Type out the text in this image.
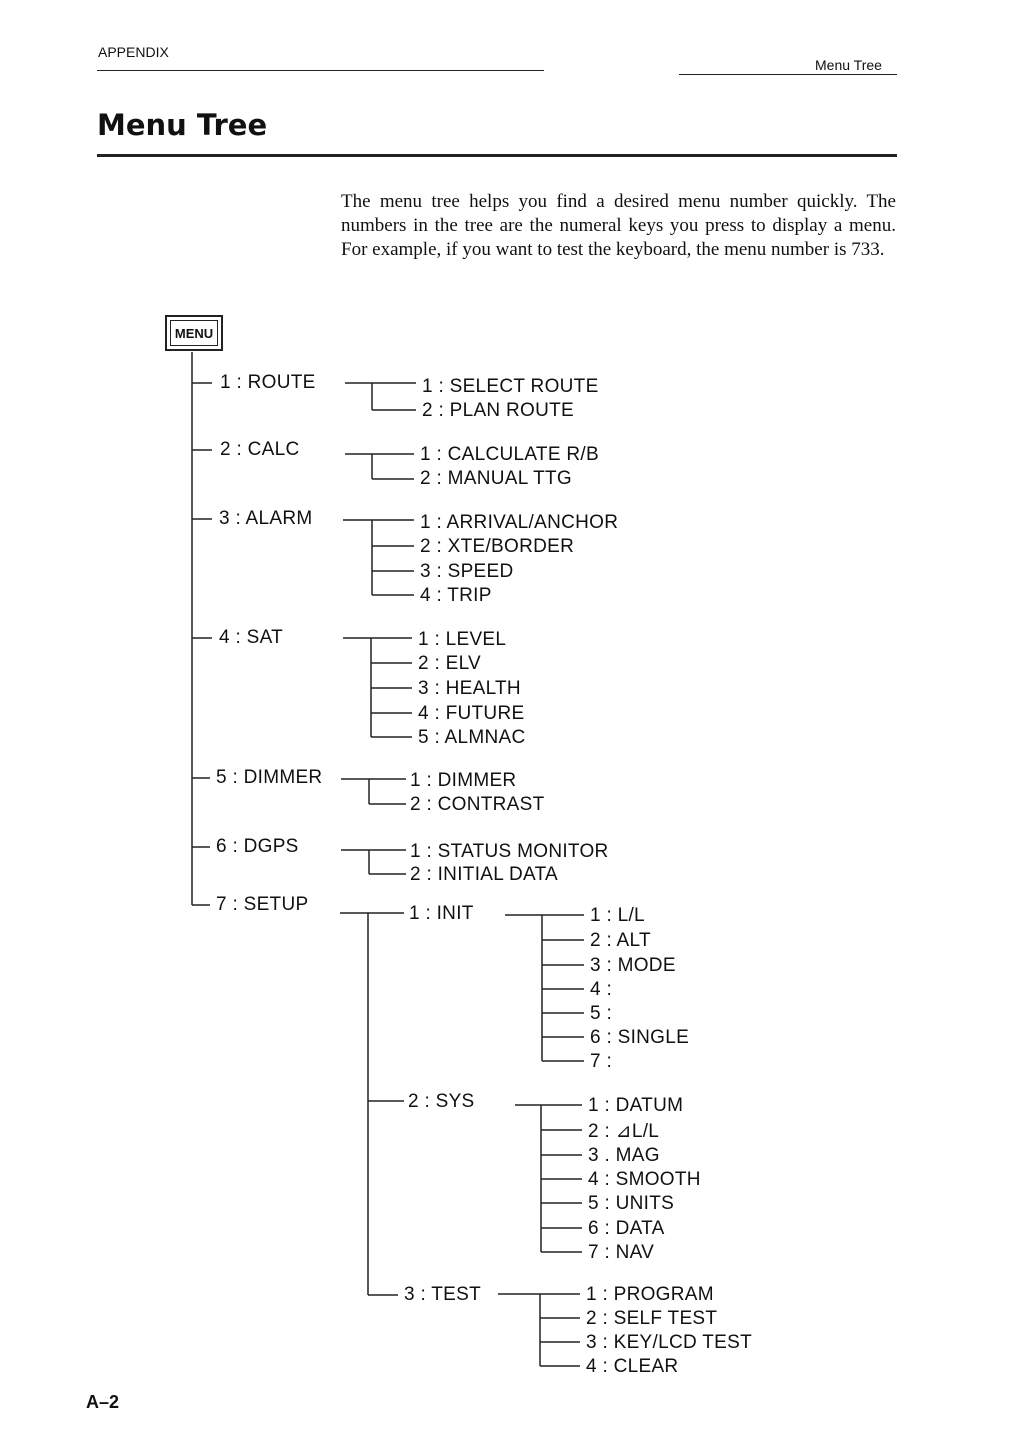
APPENDIX
Menu Tree
Menu Tree
The menu tree helps you find a desired menu number quickly. The numbers in the tree are the numeral keys you press to display a menu. For example, if you want to test the keyboard, the menu number is 733.
MENU
1 : ROUTE
2 : CALC
3 : ALARM
4 : SAT
5 : DIMMER
6 : DGPS
7 : SETUP
1 : SELECT ROUTE
2 : PLAN ROUTE
1 : CALCULATE R/B
2 : MANUAL TTG
1 : ARRIVAL/ANCHOR
2 : XTE/BORDER
3 : SPEED
4 : TRIP
1 : LEVEL
2 : ELV
3 : HEALTH
4 : FUTURE
5 : ALMNAC
1 : DIMMER
2 : CONTRAST
1 : STATUS MONITOR
2 : INITIAL DATA
1 : INIT
2 : SYS
3 : TEST
1 : L/L
2 : ALT
3 : MODE
4 :
5 :
6 : SINGLE
7 :
1 : DATUM
2 : ⊿L/L
3 . MAG
4 : SMOOTH
5 : UNITS
6 : DATA
7 : NAV
1 : PROGRAM
2 : SELF TEST
3 : KEY/LCD TEST
4 : CLEAR
A–2
